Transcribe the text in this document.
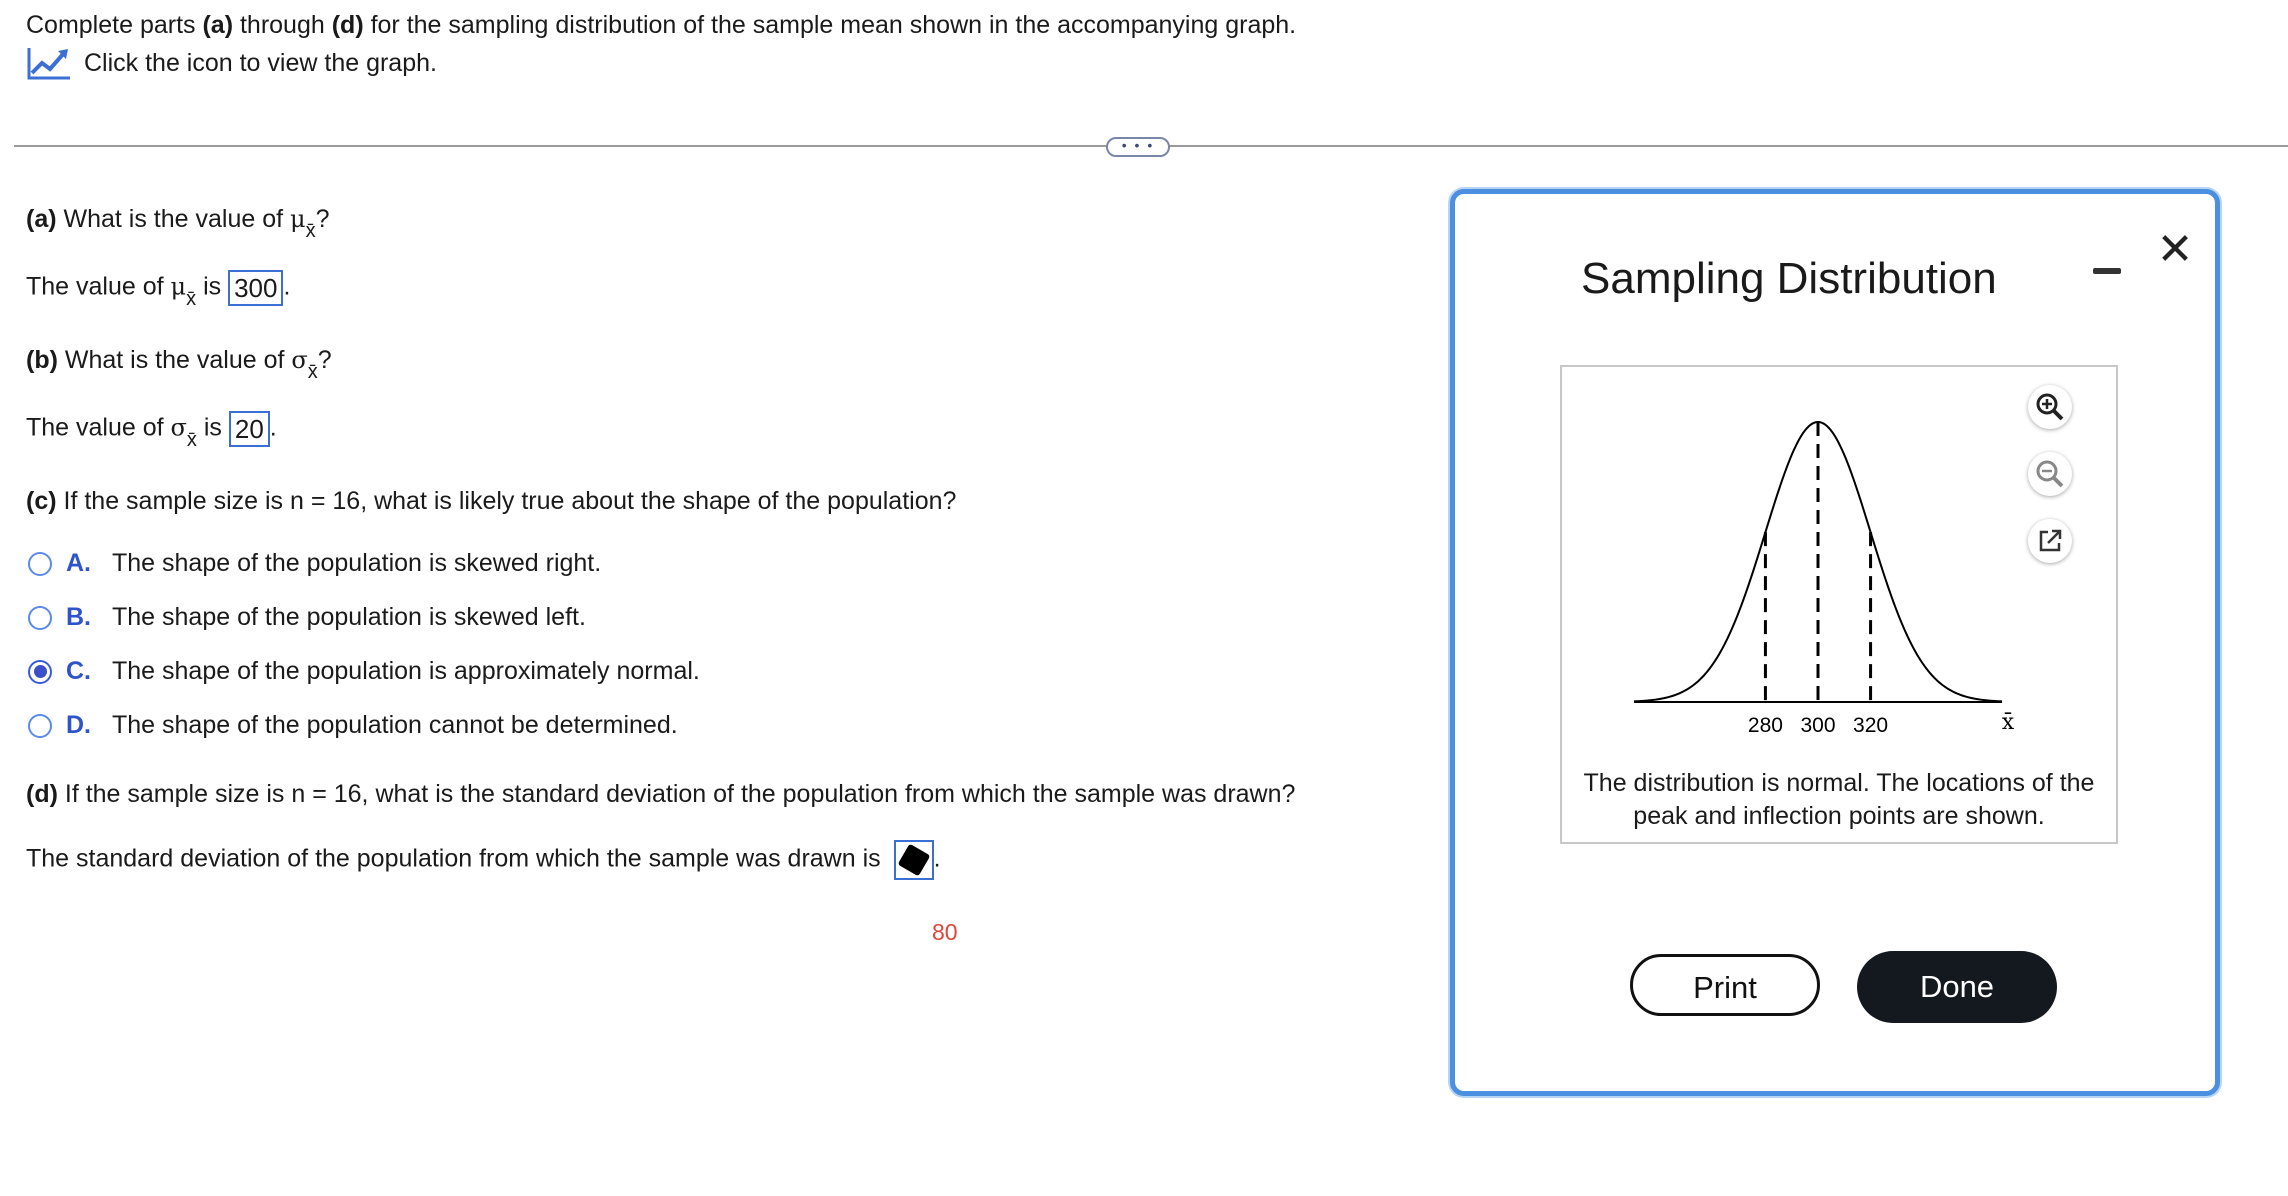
Complete parts (a) through (d) for the sampling distribution of the sample mean shown in the accompanying graph.
Click the icon to view the graph.
• • •
(a) What is the value of $\mu_{x̄}$?
The value of $\mu_{x̄}$ is 300 .
(b) What is the value of $\sigma_{x̄}$?
The value of $\sigma_{x̄}$ is 20 .
(c) If the sample size is n = 16, what is likely true about the shape of the population?
A. The shape of the population is skewed right.
B. The shape of the population is skewed left.
C. The shape of the population is approximately normal.
D. The shape of the population cannot be determined.
(d) If the sample size is n = 16, what is the standard deviation of the population from which the sample was drawn?
The standard deviation of the population from which the sample was drawn is
.
80
Sampling Distribution
✕
280 300 320	x̄
The distribution is normal. The locations of the
peak and inflection points are shown.
Print	Done
